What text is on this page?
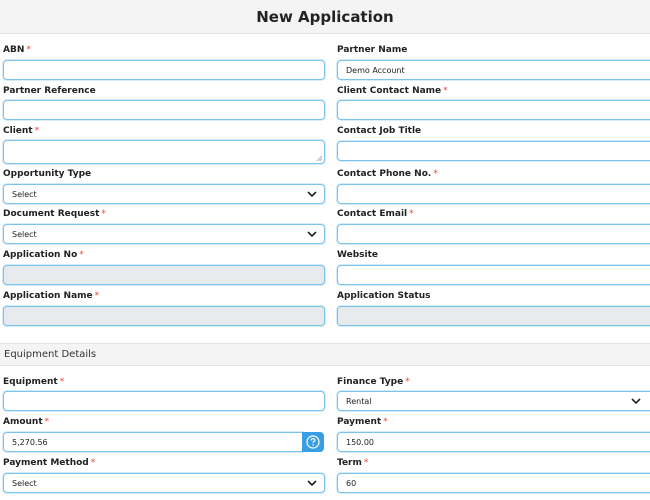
New Application
ABN *
Partner Reference
Client *
Opportunity Type
Select
Document Request *
Select
Application No *
Application Name *
Partner Name
Demo Account
Client Contact Name *
Contact Job Title
Contact Phone No. *
Contact Email *
Website
Application Status
Equipment Details
Equipment *
Amount *
5,270.56
Payment Method *
Select
Finance Type *
Rental
Payment *
150.00
Term *
60
